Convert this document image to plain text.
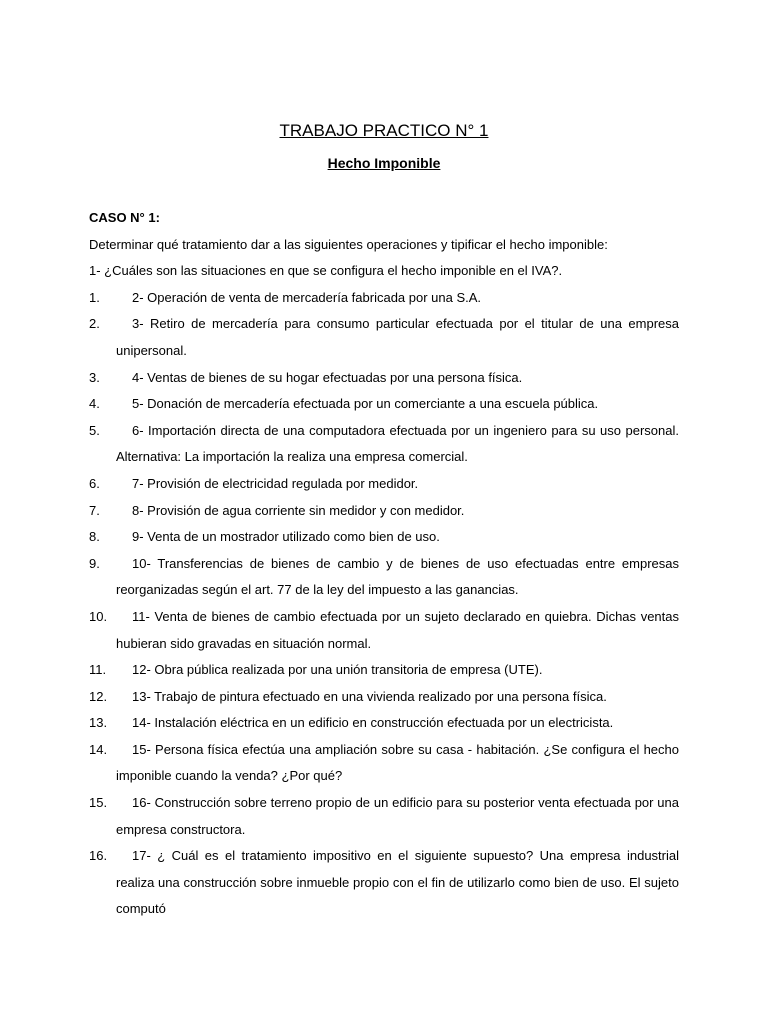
TRABAJO PRACTICO N° 1
Hecho Imponible
CASO N° 1:
Determinar qué tratamiento dar a las siguientes operaciones y tipificar el hecho imponible:
1- ¿Cuáles son las situaciones en que se configura el hecho imponible en el IVA?.
1.	2- Operación de venta de mercadería fabricada por una S.A.
2.	3- Retiro de mercadería para consumo particular efectuada por el titular de una empresa unipersonal.
3.	4- Ventas de bienes de su hogar efectuadas por una persona física.
4.	5- Donación de mercadería efectuada por un comerciante a una escuela pública.
5.	6- Importación directa de una computadora efectuada por un ingeniero para su uso personal. Alternativa: La importación la realiza una empresa comercial.
6.	7- Provisión de electricidad regulada por medidor.
7.	8- Provisión de agua corriente sin medidor y con medidor.
8.	9- Venta de un mostrador utilizado como bien de uso.
9.	10- Transferencias de bienes de cambio y de bienes de uso efectuadas entre empresas reorganizadas según el art. 77 de la ley del impuesto a las ganancias.
10.	11- Venta de bienes de cambio efectuada por un sujeto declarado en quiebra. Dichas ventas hubieran sido gravadas en situación normal.
11.	12- Obra pública realizada por una unión transitoria de empresa (UTE).
12.	13- Trabajo de pintura efectuado en una vivienda realizado por una persona física.
13.	14- Instalación eléctrica en un edificio en construcción efectuada por un electricista.
14.	15- Persona física efectúa una ampliación sobre su casa - habitación. ¿Se configura el hecho imponible cuando la venda? ¿Por qué?
15.	16- Construcción sobre terreno propio de un edificio para su posterior venta efectuada por una empresa constructora.
16.	17- ¿ Cuál es el tratamiento impositivo en el siguiente supuesto? Una empresa industrial realiza una construcción sobre inmueble propio con el fin de utilizarlo como bien de uso. El sujeto computó
